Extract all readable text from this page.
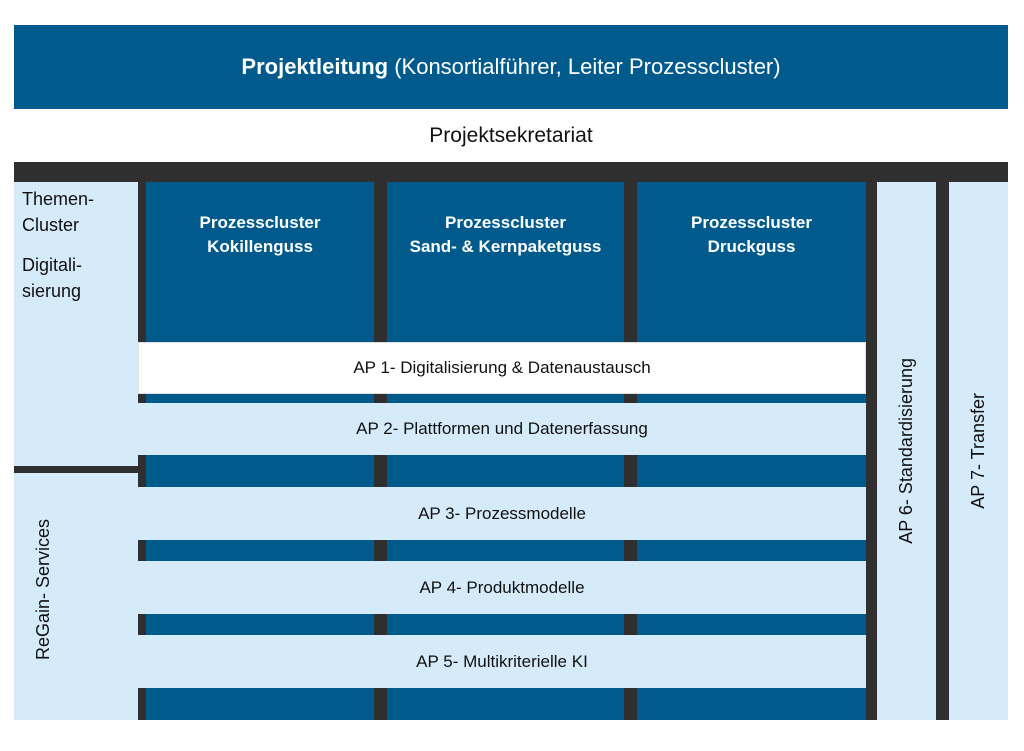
Projektleitung (Konsortialführer, Leiter Prozesscluster)
Projektsekretariat
Themen-
Cluster
Digitali-
sierung
ReGain- Services
Prozesscluster
Kokillenguss
Prozesscluster
Sand- & Kernpaketguss
Prozesscluster
Druckguss
AP 1- Digitalisierung & Datenaustausch
AP 2- Plattformen und Datenerfassung
AP 3- Prozessmodelle
AP 4- Produktmodelle
AP 5- Multikriterielle KI
AP 6- Standardisierung	AP 7- Transfer
